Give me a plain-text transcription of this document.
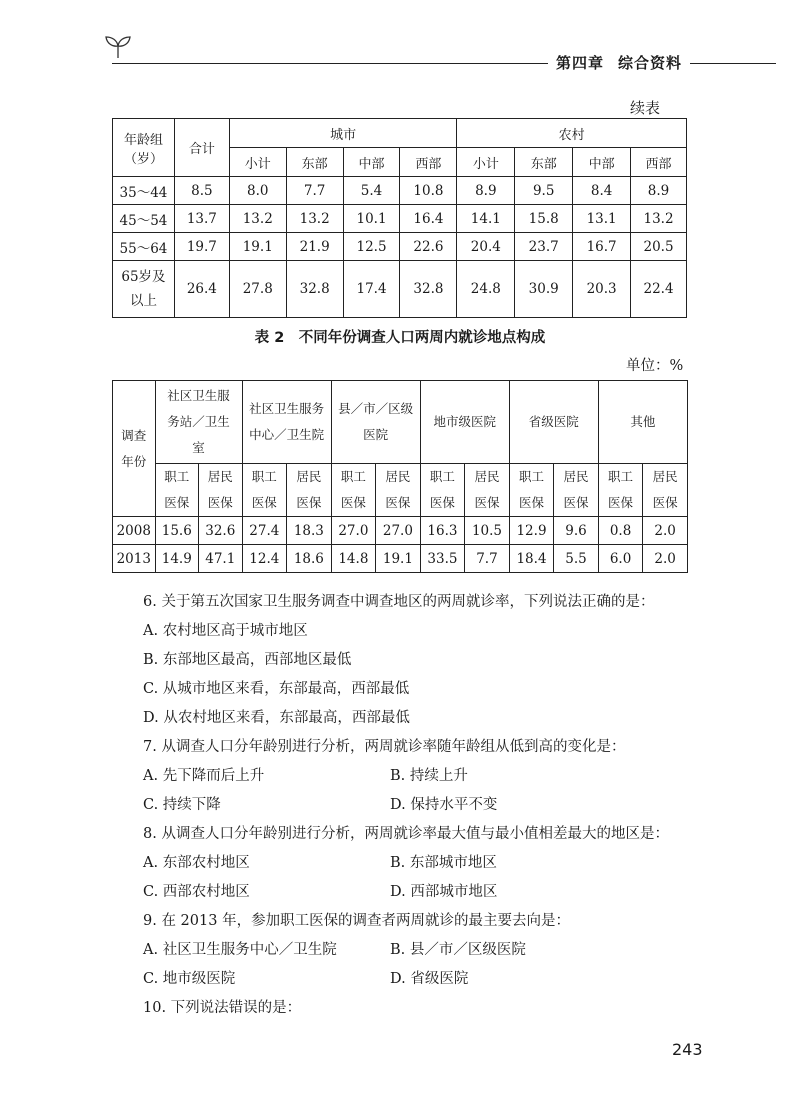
第四章 综合资料
续表
年龄组（岁）	合计	城市				农村			
		小计	东部	中部	西部	小计	东部	中部	西部
35～44	8.5	8.0	7.7	5.4	10.8	8.9	9.5	8.4	8.9
45～54	13.7	13.2	13.2	10.1	16.4	14.1	15.8	13.1	13.2
55～64	19.7	19.1	21.9	12.5	22.6	20.4	23.7	16.7	20.5
65岁及以上	26.4	27.8	32.8	17.4	32.8	24.8	30.9	20.3	22.4
表 2　不同年份调查人口两周内就诊地点构成
单位：%
调查年份	社区卫生服务站／卫生室		社区卫生服务中心／卫生院		县／市／区级医院		地市级医院		省级医院		其他	
	职工医保	居民医保	职工医保	居民医保	职工医保	居民医保	职工医保	居民医保	职工医保	居民医保	职工医保	居民医保
2008	15.6	32.6	27.4	18.3	27.0	27.0	16.3	10.5	12.9	9.6	0.8	2.0
2013	14.9	47.1	12.4	18.6	14.8	19.1	33.5	7.7	18.4	5.5	6.0	2.0
6. 关于第五次国家卫生服务调查中调查地区的两周就诊率，下列说法正确的是：
A. 农村地区高于城市地区
B. 东部地区最高，西部地区最低
C. 从城市地区来看，东部最高，西部最低
D. 从农村地区来看，东部最高，西部最低
7. 从调查人口分年龄别进行分析，两周就诊率随年龄组从低到高的变化是：
A. 先下降而后上升	B. 持续上升
C. 持续下降	D. 保持水平不变
8. 从调查人口分年龄别进行分析，两周就诊率最大值与最小值相差最大的地区是：
A. 东部农村地区	B. 东部城市地区
C. 西部农村地区	D. 西部城市地区
9. 在 2013 年，参加职工医保的调查者两周就诊的最主要去向是：
A. 社区卫生服务中心／卫生院	B. 县／市／区级医院
C. 地市级医院	D. 省级医院
10. 下列说法错误的是：
243
